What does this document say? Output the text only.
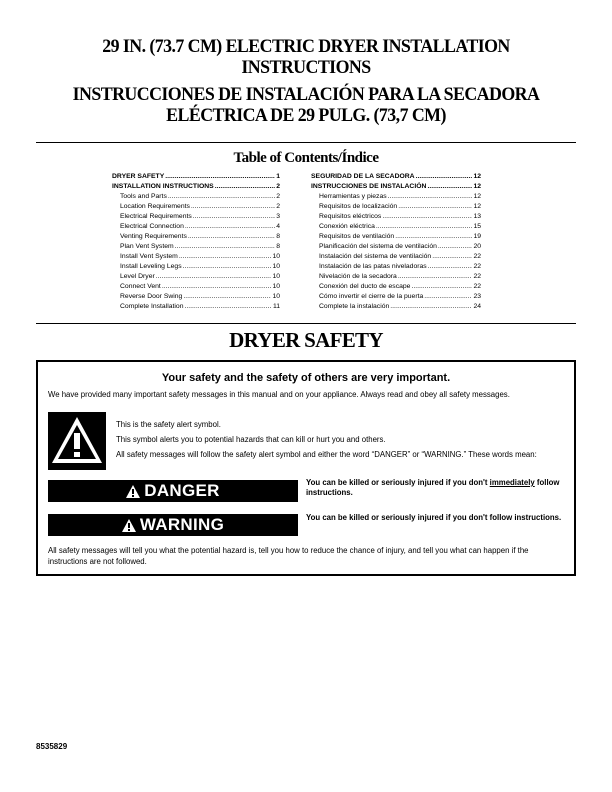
29 IN. (73.7 CM) ELECTRIC DRYER INSTALLATION INSTRUCTIONS
INSTRUCCIONES DE INSTALACIÓN PARA LA SECADORA ELÉCTRICA DE 29 PULG. (73,7 CM)
Table of Contents/Índice
DRYER SAFETY .....	1
INSTALLATION INSTRUCTIONS .....	2
Tools and Parts .....	2
Location Requirements .....	2
Electrical Requirements .....	3
Electrical Connection .....	4
Venting Requirements .....	8
Plan Vent System .....	8
Install Vent System .....	10
Install Leveling Legs .....	10
Level Dryer .....	10
Connect Vent .....	10
Reverse Door Swing .....	10
Complete Installation .....	11
SEGURIDAD DE LA SECADORA .....	12
INSTRUCCIONES DE INSTALACIÓN .....	12
Herramientas y piezas .....	12
Requisitos de localización .....	12
Requisitos eléctricos .....	13
Conexión eléctrica .....	15
Requisitos de ventilación .....	19
Planificación del sistema de ventilación .....	20
Instalación del sistema de ventilación .....	22
Instalación de las patas niveladoras .....	22
Nivelación de la secadora .....	22
Conexión del ducto de escape .....	22
Cómo invertir el cierre de la puerta .....	23
Complete la instalación .....	24
DRYER SAFETY
Your safety and the safety of others are very important.
We have provided many important safety messages in this manual and on your appliance. Always read and obey all safety messages.
This is the safety alert symbol.
This symbol alerts you to potential hazards that can kill or hurt you and others.
All safety messages will follow the safety alert symbol and either the word “DANGER” or “WARNING.” These words mean:
DANGER	You can be killed or seriously injured if you don't immediately follow instructions.
WARNING	You can be killed or seriously injured if you don't follow instructions.
All safety messages will tell you what the potential hazard is, tell you how to reduce the chance of injury, and tell you what can happen if the instructions are not followed.
8535829
